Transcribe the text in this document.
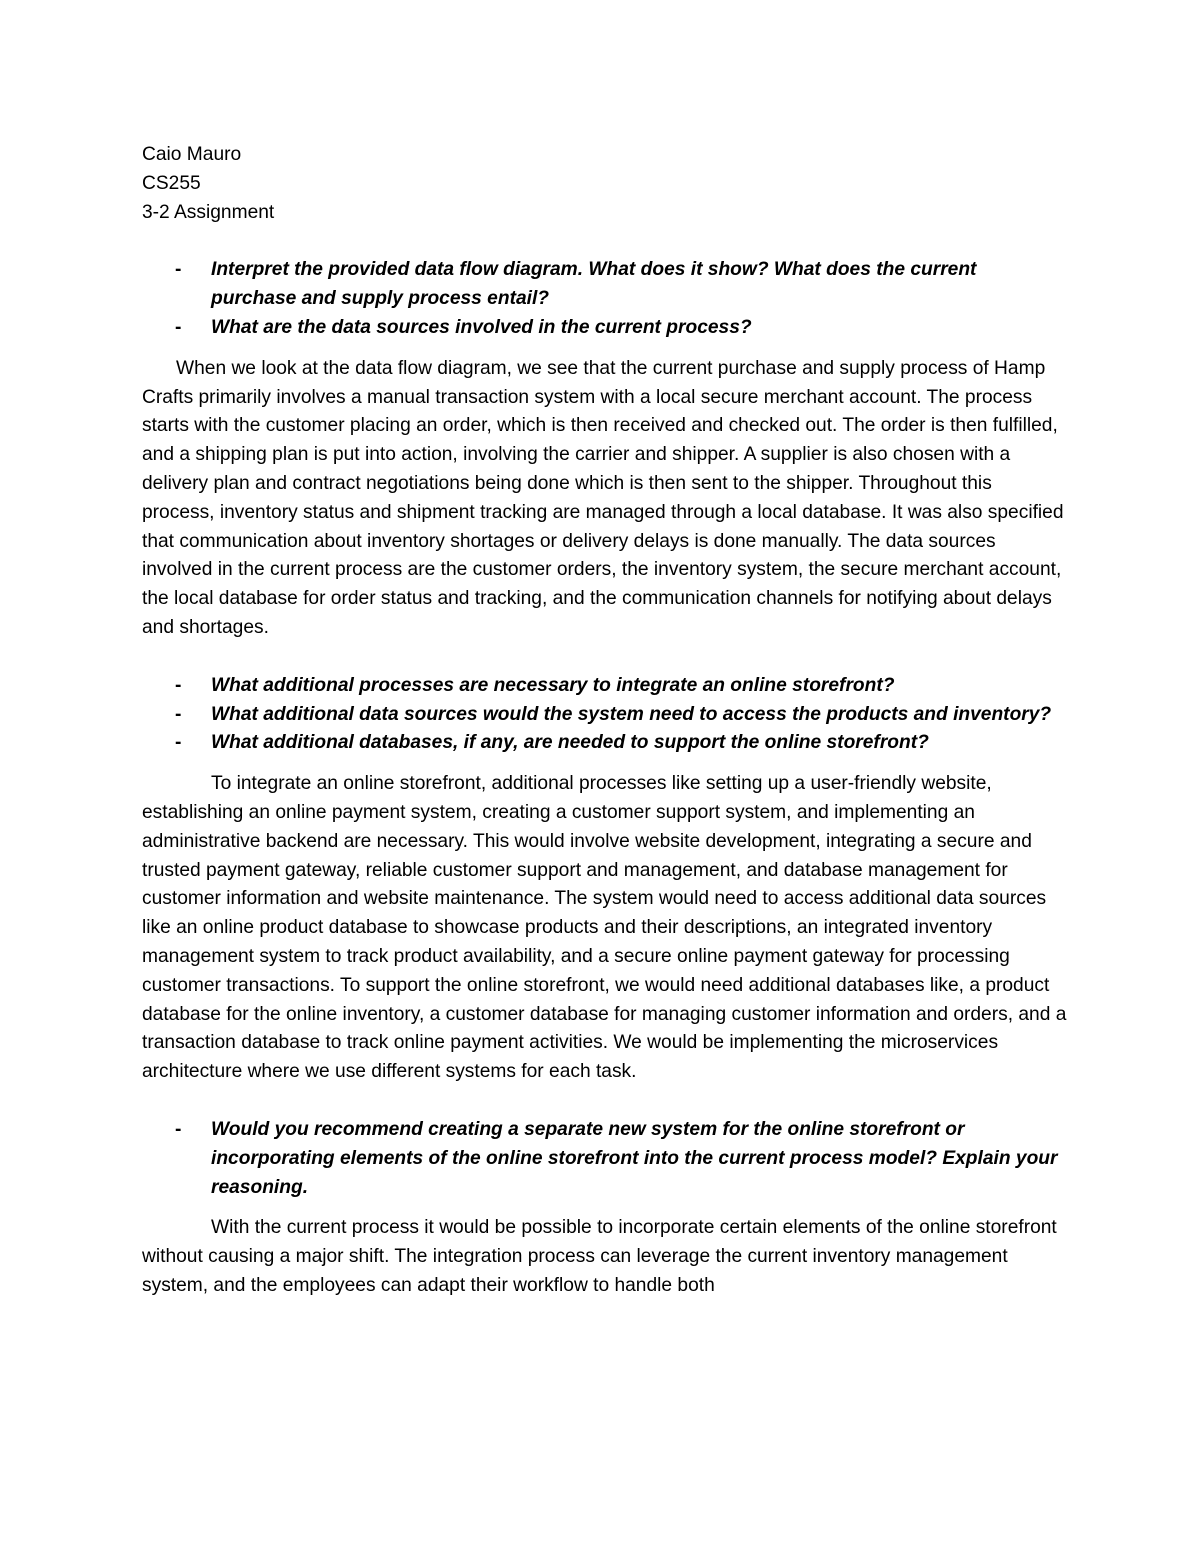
Caio Mauro

CS255

3-2 Assignment

- Interpret the provided data flow diagram. What does it show? What does the current purchase and supply process entail?
- What are the data sources involved in the current process?

When we look at the data flow diagram, we see that the current purchase and supply process of Hamp Crafts primarily involves a manual transaction system with a local secure merchant account. The process starts with the customer placing an order, which is then received and checked out. The order is then fulfilled, and a shipping plan is put into action, involving the carrier and shipper. A supplier is also chosen with a delivery plan and contract negotiations being done which is then sent to the shipper. Throughout this process, inventory status and shipment tracking are managed through a local database. It was also specified that communication about inventory shortages or delivery delays is done manually. The data sources involved in the current process are the customer orders, the inventory system, the secure merchant account, the local database for order status and tracking, and the communication channels for notifying about delays and shortages.

- What additional processes are necessary to integrate an online storefront?
- What additional data sources would the system need to access the products and inventory?
- What additional databases, if any, are needed to support the online storefront?

To integrate an online storefront, additional processes like setting up a user-friendly website, establishing an online payment system, creating a customer support system, and implementing an administrative backend are necessary. This would involve website development, integrating a secure and trusted payment gateway, reliable customer support and management, and database management for customer information and website maintenance. The system would need to access additional data sources like an online product database to showcase products and their descriptions, an integrated inventory management system to track product availability, and a secure online payment gateway for processing customer transactions. To support the online storefront, we would need additional databases like, a product database for the online inventory, a customer database for managing customer information and orders, and a transaction database to track online payment activities. We would be implementing the microservices architecture where we use different systems for each task.

- Would you recommend creating a separate new system for the online storefront or incorporating elements of the online storefront into the current process model? Explain your reasoning.

With the current process it would be possible to incorporate certain elements of the online storefront without causing a major shift. The integration process can leverage the current inventory management system, and the employees can adapt their workflow to handle both
